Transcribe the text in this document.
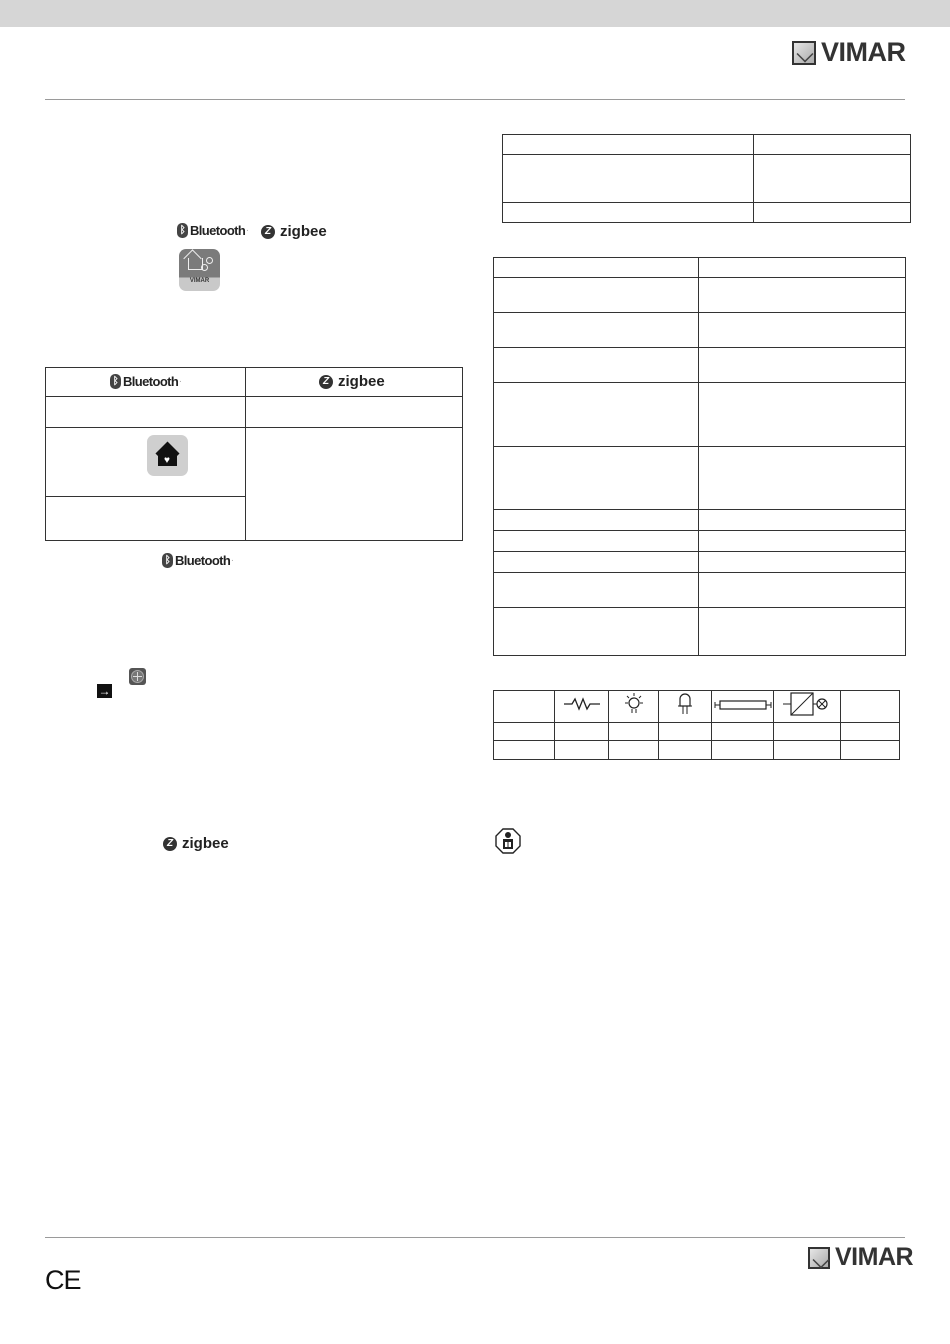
VIMAR
ᛒ Bluetooth ·	Z zigbee
VIMAR
ᛒ Bluetooth ·	Z zigbee

♥
ᛒ Bluetooth ·
→
Z zigbee

VIMAR
CE
